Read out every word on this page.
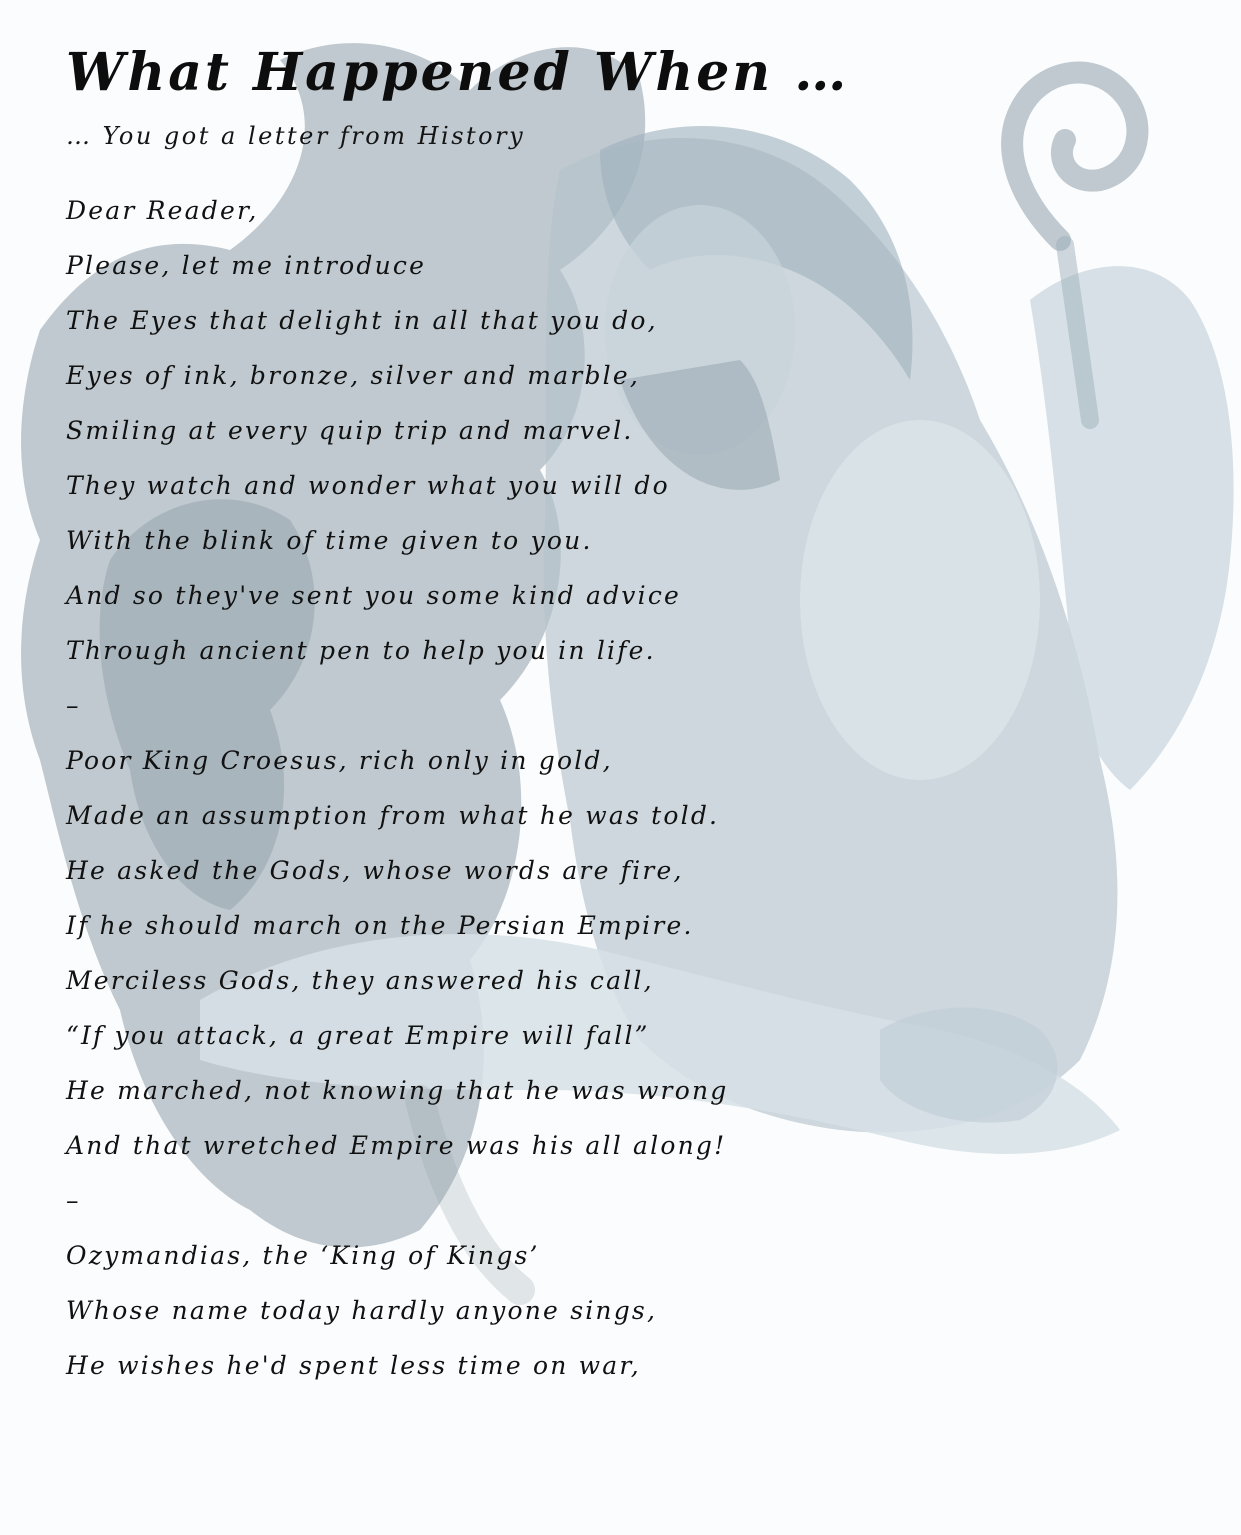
What Happened When …
… You got a letter from History
Dear Reader,
Please, let me introduce
The Eyes that delight in all that you do,
Eyes of ink, bronze, silver and marble,
Smiling at every quip trip and marvel.
They watch and wonder what you will do
With the blink of time given to you.
And so they've sent you some kind advice
Through ancient pen to help you in life.
–
Poor King Croesus, rich only in gold,
Made an assumption from what he was told.
He asked the Gods, whose words are fire,
If he should march on the Persian Empire.
Merciless Gods, they answered his call,
“If you attack, a great Empire will fall”
He marched, not knowing that he was wrong
And that wretched Empire was his all along!
–
Ozymandias, the ‘King of Kings’
Whose name today hardly anyone sings,
He wishes he'd spent less time on war,
